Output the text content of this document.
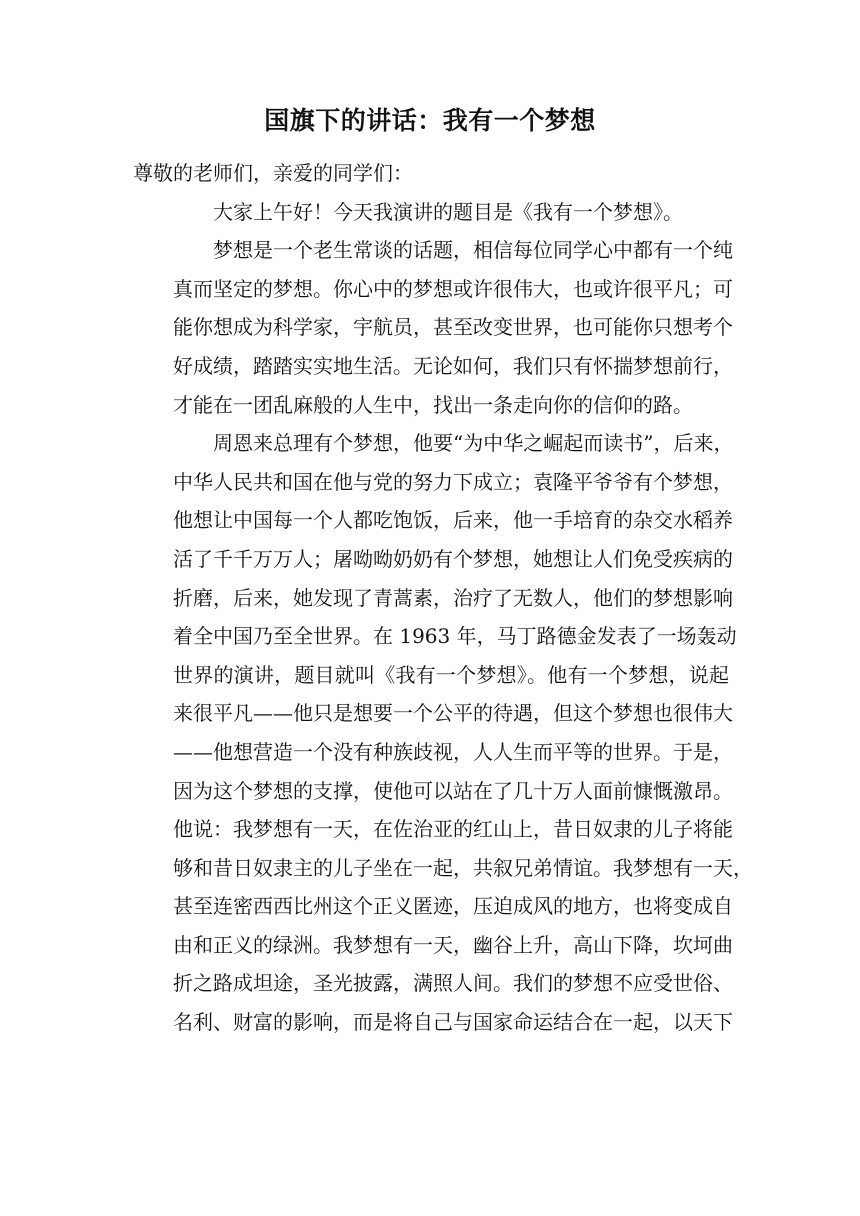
国旗下的讲话：我有一个梦想

尊敬的老师们，亲爱的同学们：

大家上午好！今天我演讲的题目是《我有一个梦想》。

梦想是一个老生常谈的话题，相信每位同学心中都有一个纯
真而坚定的梦想。你心中的梦想或许很伟大，也或许很平凡；可
能你想成为科学家，宇航员，甚至改变世界，也可能你只想考个
好成绩，踏踏实实地生活。无论如何，我们只有怀揣梦想前行，
才能在一团乱麻般的人生中，找出一条走向你的信仰的路。

周恩来总理有个梦想，他要“为中华之崛起而读书”，后来，
中华人民共和国在他与党的努力下成立；袁隆平爷爷有个梦想，
他想让中国每一个人都吃饱饭，后来，他一手培育的杂交水稻养
活了千千万万人；屠呦呦奶奶有个梦想，她想让人们免受疾病的
折磨，后来，她发现了青蒿素，治疗了无数人，他们的梦想影响
着全中国乃至全世界。在 1963 年，马丁路德金发表了一场轰动
世界的演讲，题目就叫《我有一个梦想》。他有一个梦想，说起
来很平凡——他只是想要一个公平的待遇，但这个梦想也很伟大
——他想营造一个没有种族歧视，人人生而平等的世界。于是，
因为这个梦想的支撑，使他可以站在了几十万人面前慷慨激昂。
他说：我梦想有一天，在佐治亚的红山上，昔日奴隶的儿子将能
够和昔日奴隶主的儿子坐在一起，共叙兄弟情谊。我梦想有一天，
甚至连密西西比州这个正义匿迹，压迫成风的地方，也将变成自
由和正义的绿洲。我梦想有一天，幽谷上升，高山下降，坎坷曲
折之路成坦途，圣光披露，满照人间。我们的梦想不应受世俗、
名利、财富的影响，而是将自己与国家命运结合在一起，以天下
